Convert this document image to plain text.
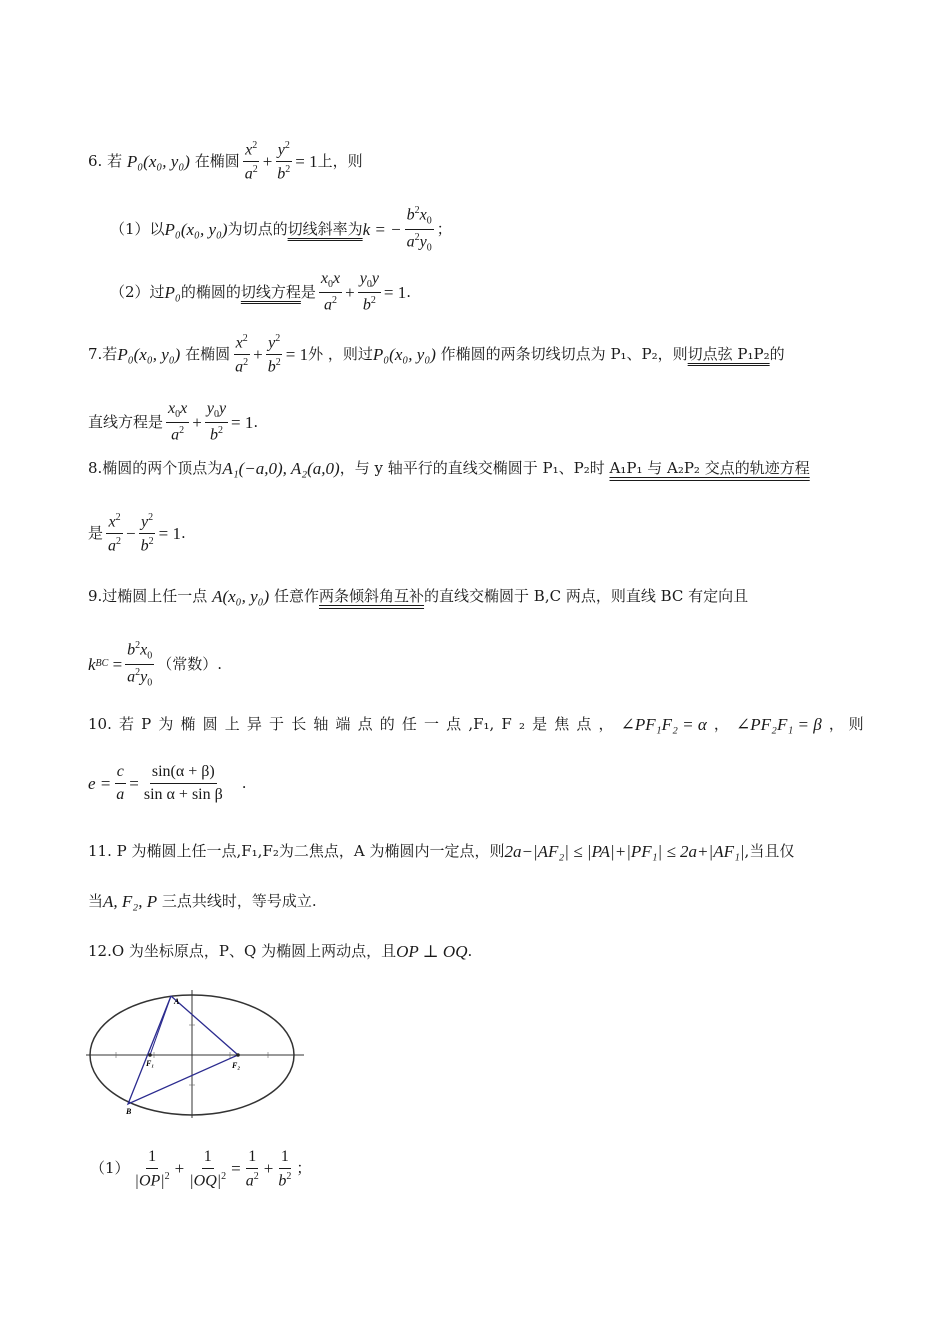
6. 若
P₀(x₀, y₀)
在椭圆 $\frac{x^2}{a^2} + \frac{y^2}{b^2} = 1$ 上，则
（1）以 P₀(x₀, y₀) 为切点的 切线斜率为 k = − $\frac{b^2x_0}{a^2y_0}$ ；
（2）过 P₀ 的椭圆的 切线方程 是 $\frac{x_0x}{a^2} + \frac{y_0y}{b^2} = 1$ .
7.若 P₀(x₀, y₀)
在椭圆 $\frac{x^2}{a^2} + \frac{y^2}{b^2} = 1$ 外 ，则过 P₀(x₀, y₀)
作椭圆的两条切线切点为 P₁、P₂，则 切点弦 P₁P₂ 的
直线方程是 $\frac{x_0x}{a^2} + \frac{y_0y}{b^2} = 1$ .
8.椭圆的两个顶点为 A₁(−a,0), A₂(a,0) ，与 y 轴平行的直线交椭圆于 P₁、P₂时
A₁P₁ 与 A₂P₂ 交点的轨迹方程
是 $\frac{x^2}{a^2} - \frac{y^2}{b^2} = 1$ .
9.过椭圆上任一点
A(x₀, y₀)
任意作 两条倾斜角互补 的直线交椭圆于 B,C 两点，则直线 BC 有定向且
k BC = $\frac{b^2x_0}{a^2y_0}$ （常数）.
10. 若 P 为 椭 圆 上 异 于 长 轴 端 点 的 任 一 点 ,F₁, F ₂ 是 焦 点 ， ∠PF₁F₂ = α ， ∠PF₂F₁ = β ， 则
$e = \frac{c}{a} = \frac{\sin(\alpha + \beta)}{\text{sin α + sin β}}$ .
11. P 为椭圆上任一点,F₁,F₂为二焦点，A 为椭圆内一定点，则 2a−|AF₂| ≤ |PA|+|PF₁| ≤ 2a+|AF₁| ,当且仅
当 A, F₂, P
三点共线时，等号成立.
12.O 为坐标原点，P、Q 为椭圆上两动点，且 OP ⊥ OQ .
A
B
F₁	F₂
$(1) \frac{1}{|OP|^2} + \frac{1}{|OQ|^2} = \frac{1}{a^2} + \frac{1}{b^2}$ ；
